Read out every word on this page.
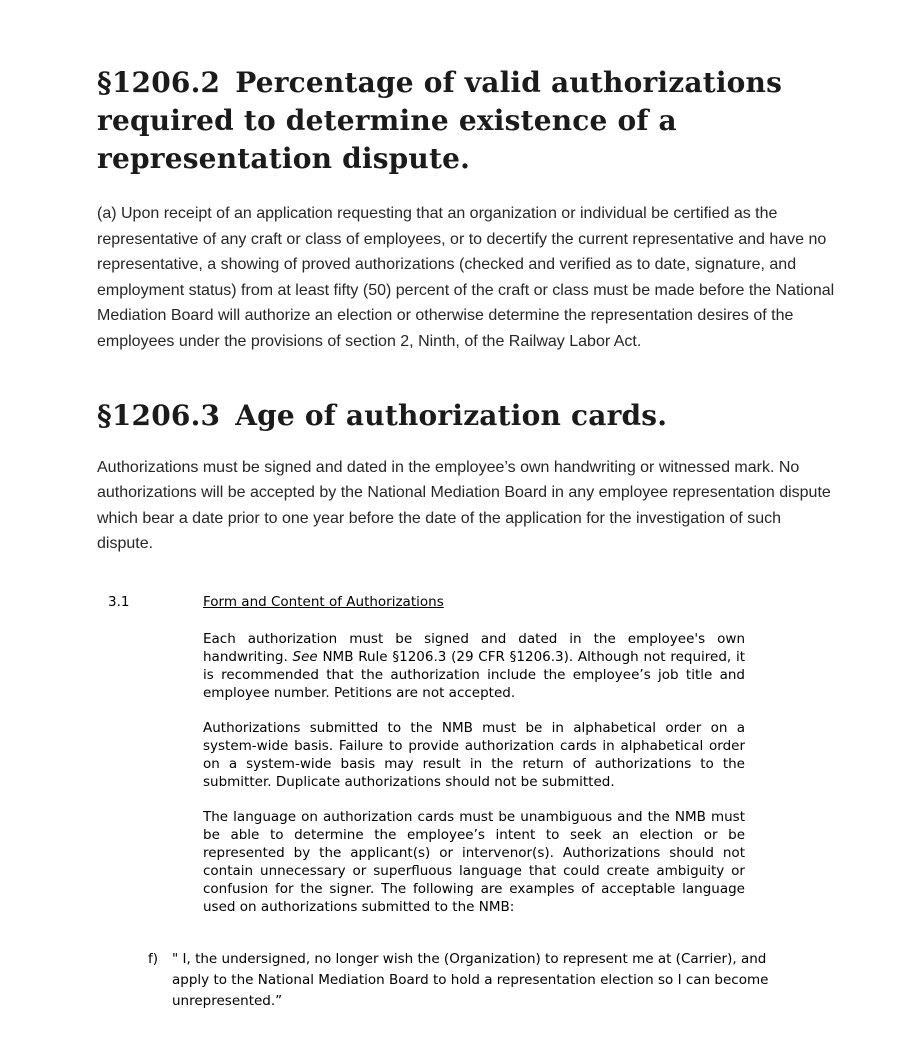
§1206.2 Percentage of valid authorizations required to determine existence of a representation dispute.

(a) Upon receipt of an application requesting that an organization or individual be certified as the representative of any craft or class of employees, or to decertify the current representative and have no representative, a showing of proved authorizations (checked and verified as to date, signature, and employment status) from at least fifty (50) percent of the craft or class must be made before the National Mediation Board will authorize an election or otherwise determine the representation desires of the employees under the provisions of section 2, Ninth, of the Railway Labor Act.

§1206.3 Age of authorization cards.

Authorizations must be signed and dated in the employee’s own handwriting or witnessed mark. No authorizations will be accepted by the National Mediation Board in any employee representation dispute which bear a date prior to one year before the date of the application for the investigation of such dispute.

3.1	Form and Content of Authorizations

Each authorization must be signed and dated in the employee's own handwriting. See NMB Rule §1206.3 (29 CFR §1206.3). Although not required, it is recommended that the authorization include the employee’s job title and employee number. Petitions are not accepted.

Authorizations submitted to the NMB must be in alphabetical order on a system-wide basis. Failure to provide authorization cards in alphabetical order on a system-wide basis may result in the return of authorizations to the submitter. Duplicate authorizations should not be submitted.

The language on authorization cards must be unambiguous and the NMB must be able to determine the employee’s intent to seek an election or be represented by the applicant(s) or intervenor(s). Authorizations should not contain unnecessary or superfluous language that could create ambiguity or confusion for the signer. The following are examples of acceptable language used on authorizations submitted to the NMB:

f)	" I, the undersigned, no longer wish the (Organization) to represent me at (Carrier), and apply to the National Mediation Board to hold a representation election so I can become unrepresented.”
